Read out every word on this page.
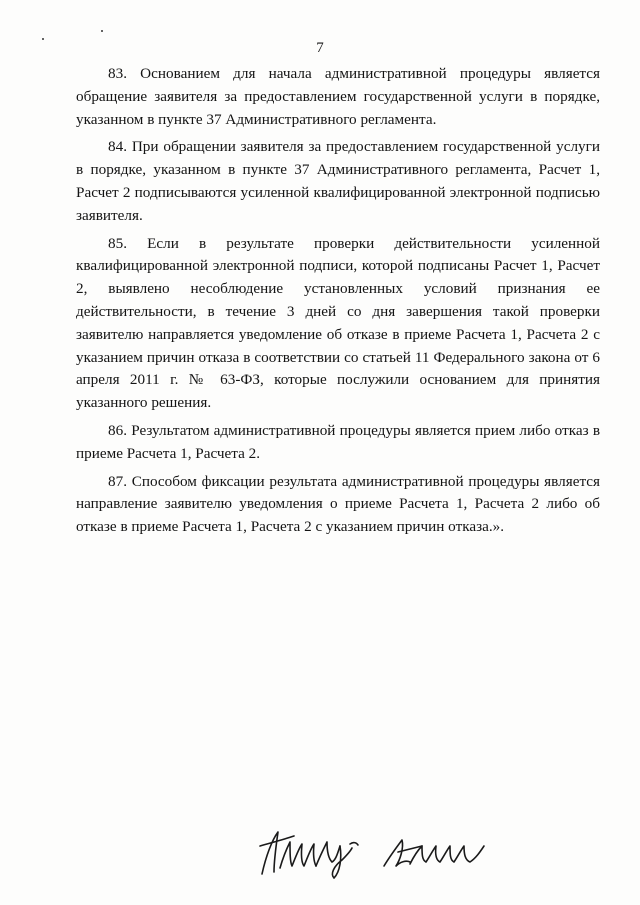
7

83. Основанием для начала административной процедуры является обращение заявителя за предоставлением государственной услуги в порядке, указанном в пункте 37 Административного регламента.

84. При обращении заявителя за предоставлением государственной услуги в порядке, указанном в пункте 37 Административного регламента, Расчет 1, Расчет 2 подписываются усиленной квалифицированной электронной подписью заявителя.

85. Если в результате проверки действительности усиленной квалифицированной электронной подписи, которой подписаны Расчет 1, Расчет 2, выявлено несоблюдение установленных условий признания ее действительности, в течение 3 дней со дня завершения такой проверки заявителю направляется уведомление об отказе в приеме Расчета 1, Расчета 2 с указанием причин отказа в соответствии со статьей 11 Федерального закона от 6 апреля 2011 г. № 63-ФЗ, которые послужили основанием для принятия указанного решения.

86. Результатом административной процедуры является прием либо отказ в приеме Расчета 1, Расчета 2.

87. Способом фиксации результата административной процедуры является направление заявителю уведомления о приеме Расчета 1, Расчета 2 либо об отказе в приеме Расчета 1, Расчета 2 с указанием причин отказа.».
